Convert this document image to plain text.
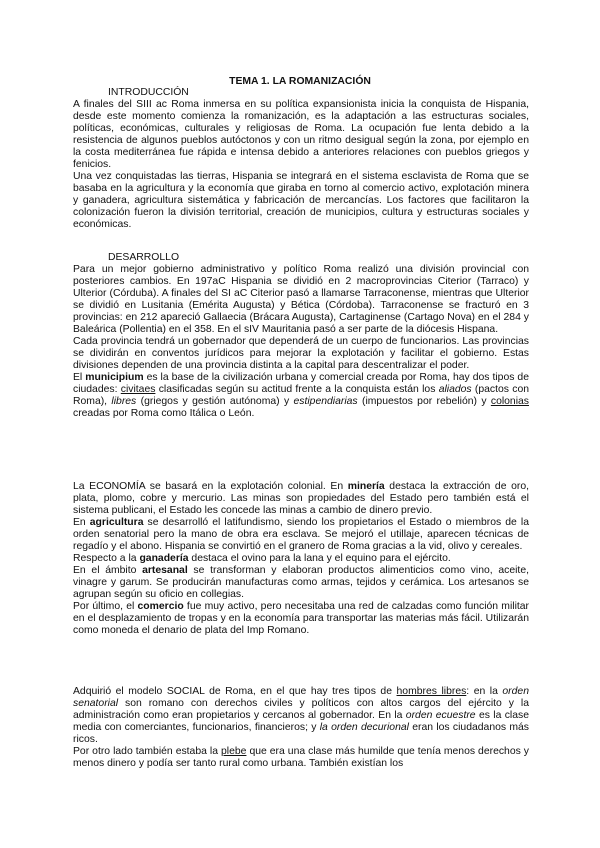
TEMA 1. LA ROMANIZACIÓN
INTRODUCCIÓN

A finales del SIII ac Roma inmersa en su política expansionista inicia la conquista de Hispania, desde este momento comienza la romanización, es la adaptación a las estructuras sociales, políticas, económicas, culturales y religiosas de Roma. La ocupación fue lenta debido a la resistencia de algunos pueblos autóctonos y con un ritmo desigual según la zona, por ejemplo en la costa mediterránea fue rápida e intensa debido a anteriores relaciones con pueblos griegos y fenicios.

Una vez conquistadas las tierras, Hispania se integrará en el sistema esclavista de Roma que se basaba en la agricultura y la economía que giraba en torno al comercio activo, explotación minera y ganadera, agricultura sistemática y fabricación de mercancías. Los factores que facilitaron la colonización fueron la división territorial, creación de municipios, cultura y estructuras sociales y económicas.

DESARROLLO

Para un mejor gobierno administrativo y político Roma realizó una división provincial con posteriores cambios. En 197aC Hispania se dividió en 2 macroprovincias Citerior (Tarraco) y Ulterior (Córduba). A finales del SI aC Citerior pasó a llamarse Tarraconense, mientras que Ulterior se dividió en Lusitania (Emérita Augusta) y Bética (Córdoba). Tarraconense se fracturó en 3 provincias: en 212 apareció Gallaecia (Brácara Augusta), Cartaginense (Cartago Nova) en el 284 y Baleárica (Pollentia) en el 358. En el sIV Mauritania pasó a ser parte de la diócesis Hispana.

Cada provincia tendrá un gobernador que dependerá de un cuerpo de funcionarios. Las provincias se dividirán en conventos jurídicos para mejorar la explotación y facilitar el gobierno. Estas divisiones dependen de una provincia distinta a la capital para descentralizar el poder.

El municipium es la base de la civilización urbana y comercial creada por Roma, hay dos tipos de ciudades: civitaes clasificadas según su actitud frente a la conquista están los aliados (pactos con Roma), libres (griegos y gestión autónoma) y estipendiarias (impuestos por rebelión) y colonias creadas por Roma como Itálica o León.

La ECONOMÍA se basará en la explotación colonial. En minería destaca la extracción de oro, plata, plomo, cobre y mercurio. Las minas son propiedades del Estado pero también está el sistema publicani, el Estado les concede las minas a cambio de dinero previo.

En agricultura se desarrolló el latifundismo, siendo los propietarios el Estado o miembros de la orden senatorial pero la mano de obra era esclava. Se mejoró el utillaje, aparecen técnicas de regadío y el abono. Hispania se convirtió en el granero de Roma gracias a la vid, olivo y cereales.

Respecto a la ganadería destaca el ovino para la lana y el equino para el ejército.

En el ámbito artesanal se transforman y elaboran productos alimenticios como vino, aceite, vinagre y garum. Se producirán manufacturas como armas, tejidos y cerámica. Los artesanos se agrupan según su oficio en collegias.

Por último, el comercio fue muy activo, pero necesitaba una red de calzadas como función militar en el desplazamiento de tropas y en la economía para transportar las materias más fácil. Utilizarán como moneda el denario de plata del Imp Romano.

Adquirió el modelo SOCIAL de Roma, en el que hay tres tipos de hombres libres: en la orden senatorial son romano con derechos civiles y políticos con altos cargos del ejército y la administración como eran propietarios y cercanos al gobernador. En la orden ecuestre es la clase media con comerciantes, funcionarios, financieros; y la orden decurional eran los ciudadanos más ricos.

Por otro lado también estaba la plebe que era una clase más humilde que tenía menos derechos y menos dinero y podía ser tanto rural como urbana. También existían los
